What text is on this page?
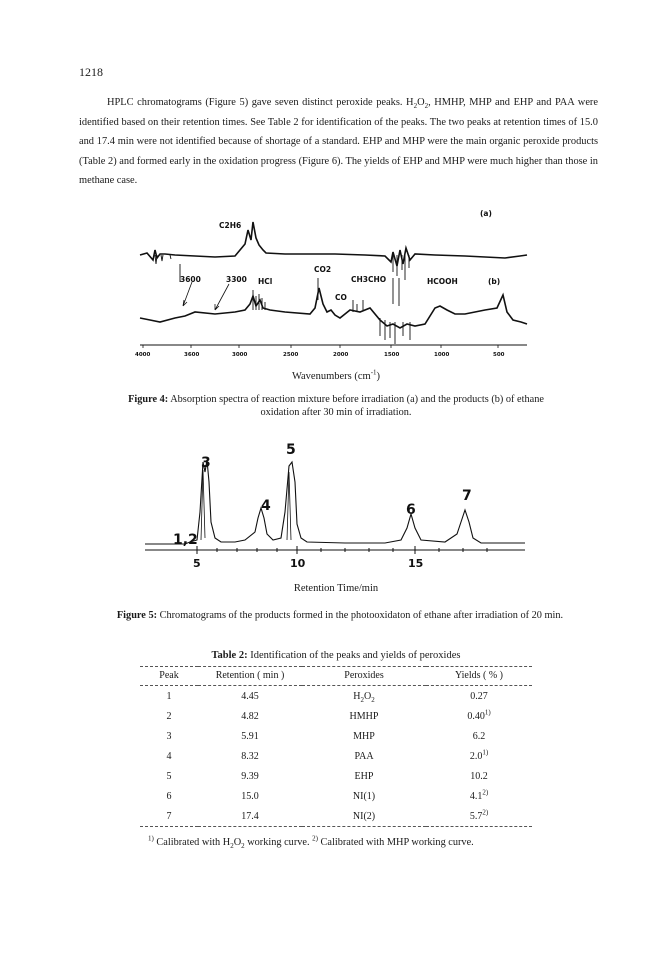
1218

HPLC chromatograms (Figure 5) gave seven distinct peroxide peaks. $H_2O_2$, HMHP, MHP and EHP and PAA were identified based on their retention times. See Table 2 for identification of the peaks. The two peaks at retention times of 15.0 and 17.4 min were not identified because of shortage of a standard. EHP and MHP were the main organic peroxide products (Table 2) and formed early in the oxidation progress (Figure 6). The yields of EHP and MHP were much higher than those in methane case.

(a)
C2H6
CO2
CO
3600	3300 HCl	CH3CHO	HCOOH	(b)
4000	3600	3000	2500	2000	1500	1000	500
Wavenumbers $(cm^{-1})$
Figure 4: Absorption spectra of reaction mixture before irradiation (a) and the products (b) of ethane oxidation after 30 min of irradiation.
1,2
3
4
5
6
7
5	10	15
Retention Time/min
Figure 5: Chromatograms of the products formed in the photooxidaton of ethane after irradiation of 20 min.
Table 2: Identification of the peaks and yields of peroxides
Peak	Retention ( min )	Peroxides	Yields ( % )
1	4.45	$H_2O_2$	0.27
2	4.82	HMHP	0.40$^{1)}$
3	5.91	MHP	6.2
4	8.32	PAA	2.0$^{1)}$
5	9.39	EHP	10.2
6	15.0	NI(1)	4.1$^{2)}$
7	17.4	NI(2)	5.7$^{2)}$
$^{1)}$ Calibrated with $H_2O_2$ working curve. $^{2)}$ Calibrated with MHP working curve.
